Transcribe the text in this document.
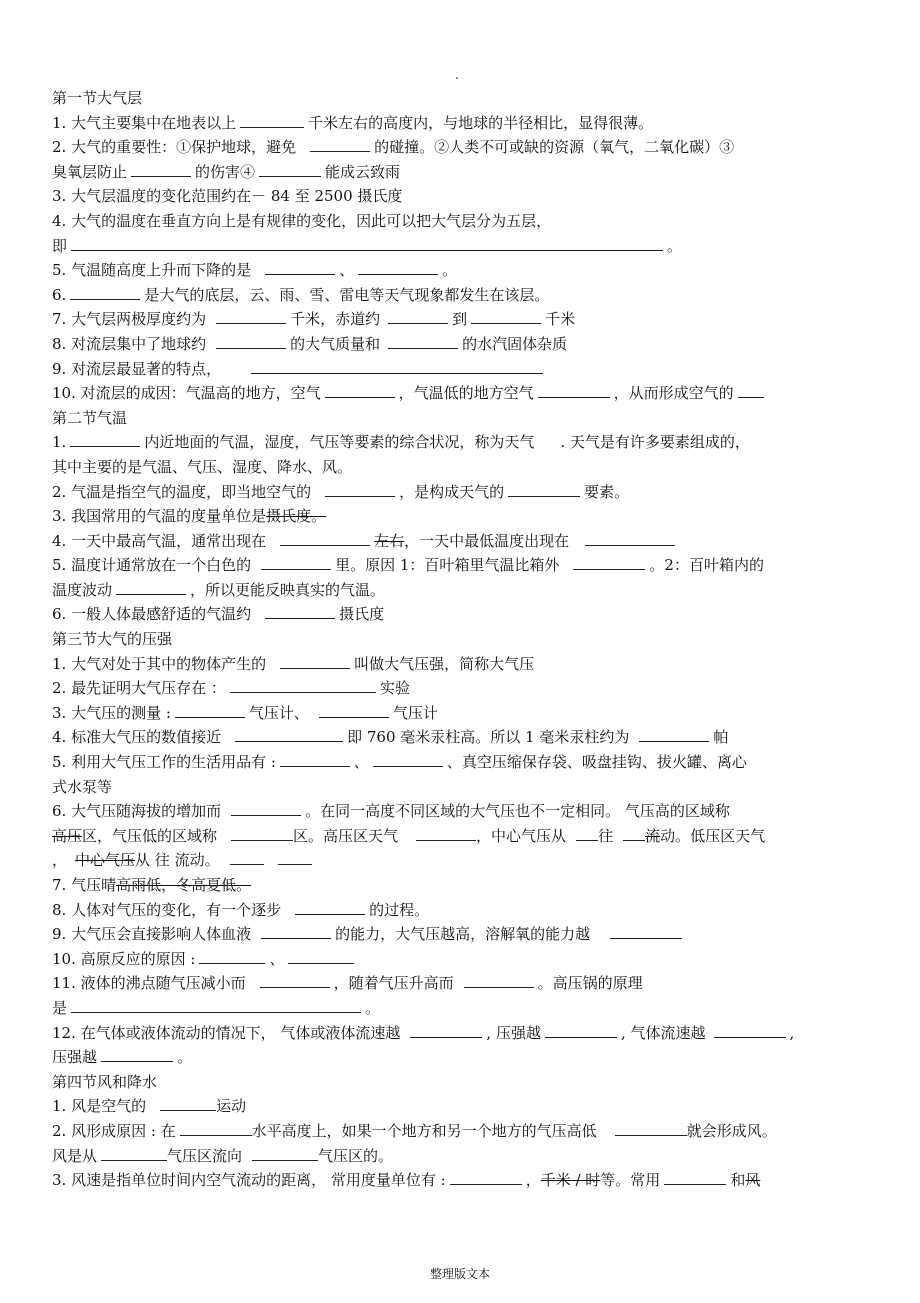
.
第一节大气层
1. 大气主要集中在地表以上	千米左右的高度内，与地球的半径相比，显得很薄。
2. 大气的重要性：①保护地球，避免	的碰撞。②人类不可或缺的资源（氧气，二氧化碳）③
臭氧层防止	的伤害④	能成云致雨
3. 大气层温度的变化范围约在－ 84 至 2500 摄氏度
4. 大气的温度在垂直方向上是有规律的变化，因此可以把大气层分为五层，
即	。
5. 气温随高度上升而下降的是	、	。
6.	是大气的底层，云、雨、雪、雷电等天气现象都发生在该层。
7. 大气层两极厚度约为	千米，赤道约	到	千米
8. 对流层集中了地球约	的大气质量和	的水汽固体杂质
9. 对流层最显著的特点，
10. 对流层的成因：气温高的地方，空气	，气温低的地方空气	，从而形成空气的
第二节气温
1.	内近地面的气温，湿度，气压等要素的综合状况，称为天气 . 天气是有许多要素组成的，
其中主要的是气温、气压、湿度、降水、风。
2. 气温是指空气的温度，即当地空气的	，是构成天气的	要素。
3. 我国常用的气温的度量单位是摄氏度。
4. 一天中最高气温，通常出现在	左右，一天中最低温度出现在
5. 温度计通常放在一个白色的	里。原因 1：百叶箱里气温比箱外	。2：百叶箱内的
温度波动	，所以更能反映真实的气温。
6. 一般人体最感舒适的气温约	摄氏度
第三节大气的压强
1. 大气对处于其中的物体产生的	叫做大气压强，简称大气压
2. 最先证明大气压存在 ：	实验
3. 大气压的测量 :	气压计、	气压计
4. 标准大气压的数值接近	即 760 毫米汞柱高。所以 1 毫米汞柱约为	帕
5. 利用大气压工作的生活用品有 :	、	、真空压缩保存袋、吸盘挂钩、拔火罐、离心
式水泵等
6. 大气压随海拔的增加而	。在同一高度不同区域的大气压也不一定相同。 气压高的区域称
高压区，气压低的区域称	区。高压区天气	，中心气压从 往 流动。低压区天气
， 中心气压从 往 流动。
7. 气压晴高雨低，冬高夏低。
8. 人体对气压的变化，有一个逐步	的过程。
9. 大气压会直接影响人体血液	的能力，大气压越高，溶解氧的能力越
10. 高原反应的原因 :	、
11. 液体的沸点随气压减小而	，随着气压升高而	。高压锅的原理
是	。
12. 在气体或液体流动的情况下， 气体或液体流速越	, 压强越	, 气体流速越	,
压强越	。
第四节风和降水
1. 风是空气的	运动
2. 风形成原因 : 在	水平高度上，如果一个地方和另一个地方的气压高低	就会形成风。
风是从	气压区流向	气压区的。
3. 风速是指单位时间内空气流动的距离， 常用度量单位有 :	，千米 / 时等。常用	和风
整理版文本
